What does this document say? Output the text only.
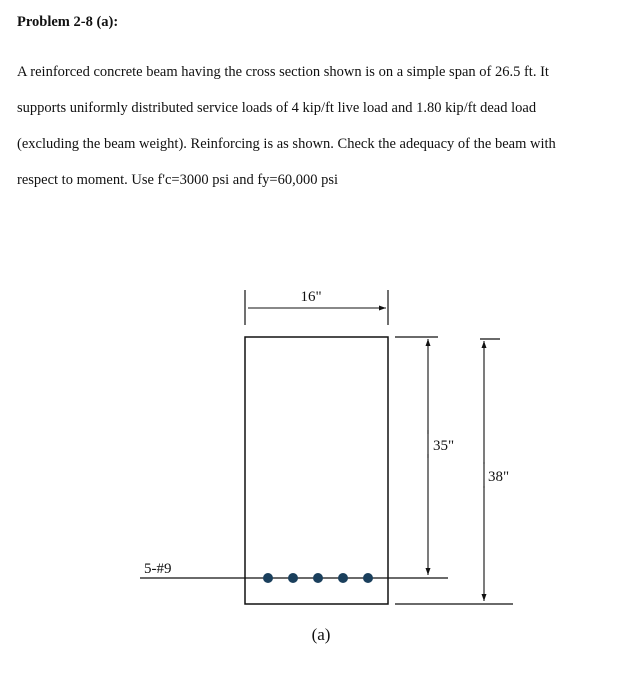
Problem 2-8 (a):
A reinforced concrete beam having the cross section shown is on a simple span of 26.5 ft. It
supports uniformly distributed service loads of 4 kip/ft live load and 1.80 kip/ft dead load
(excluding the beam weight). Reinforcing is as shown. Check the adequacy of the beam with
respect to moment. Use f'c=3000 psi and fy=60,000 psi
16"
35"
38"
5-#9
(a)
